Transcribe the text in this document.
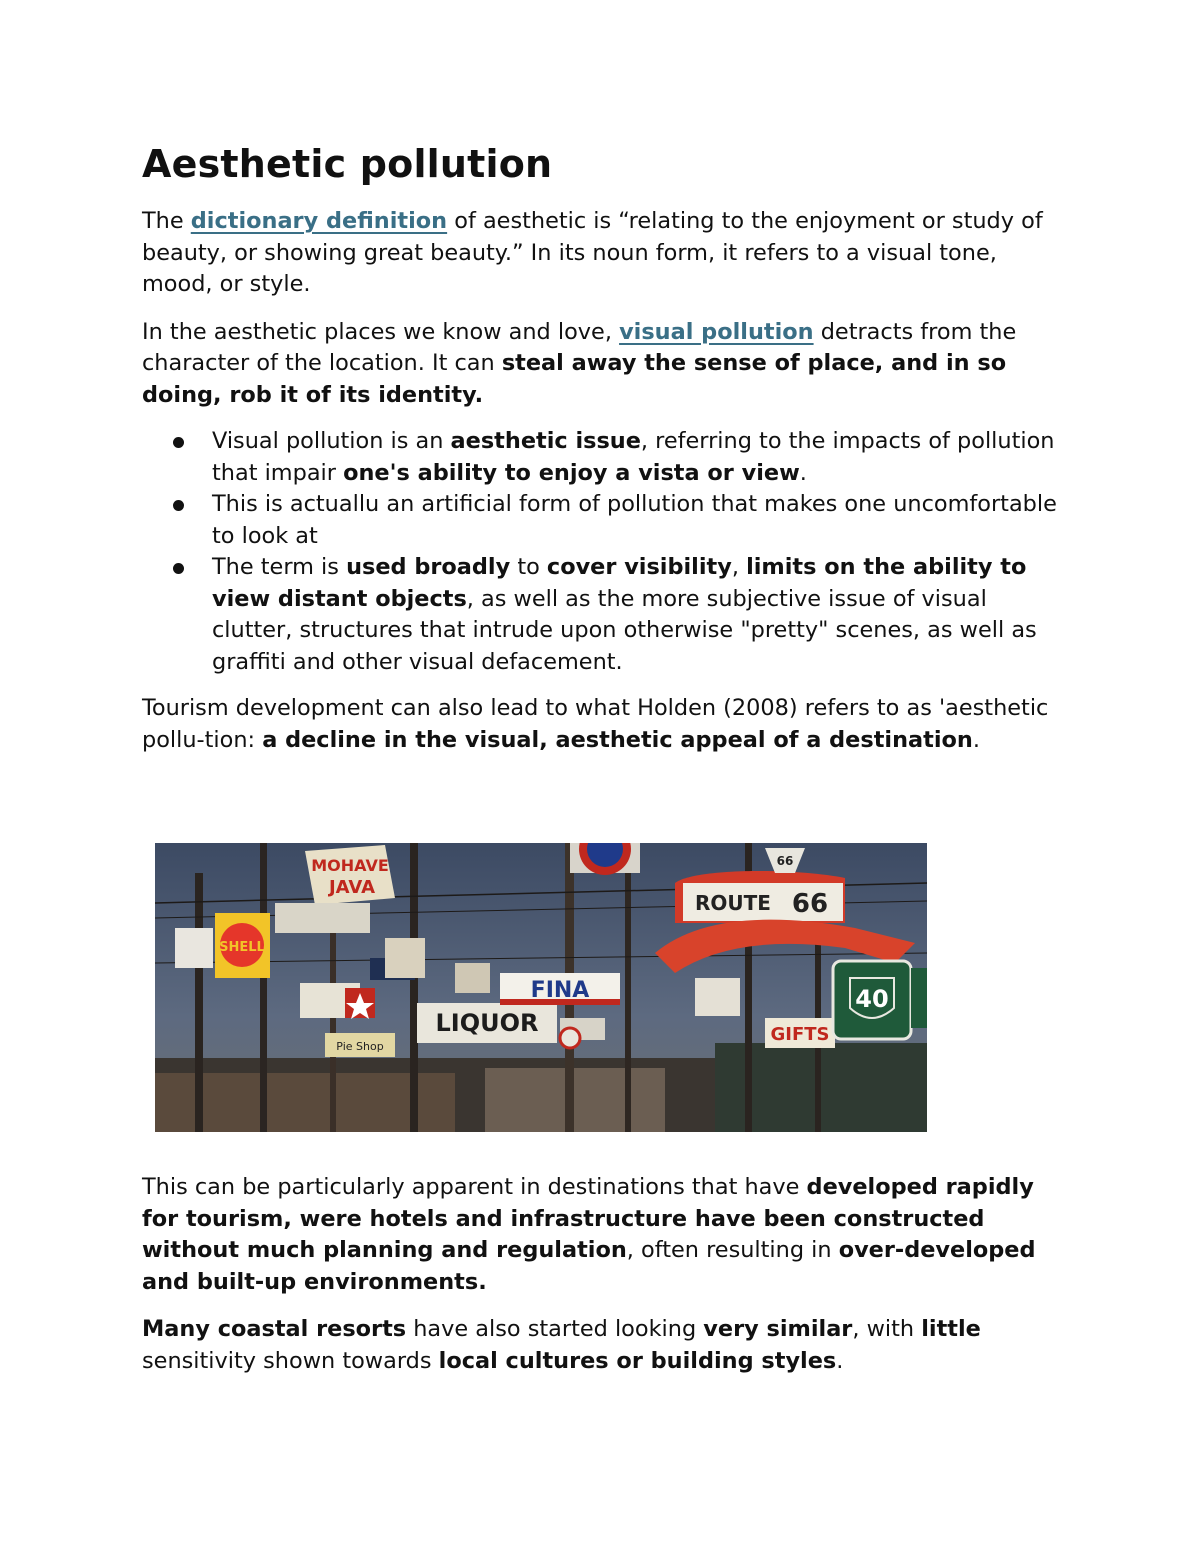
Aesthetic pollution

The dictionary definition of aesthetic is “relating to the enjoyment or study of beauty, or showing great beauty.” In its noun form, it refers to a visual tone, mood, or style.

In the aesthetic places we know and love, visual pollution detracts from the character of the location. It can steal away the sense of place, and in so doing, rob it of its identity.

Visual pollution is an aesthetic issue, referring to the impacts of pollution that impair one's ability to enjoy a vista or view.
This is actuallu an artificial form of pollution that makes one uncomfortable to look at
The term is used broadly to cover visibility, limits on the ability to view distant objects, as well as the more subjective issue of visual clutter, structures that intrude upon otherwise "pretty" scenes, as well as graffiti and other visual defacement.

Tourism development can also lead to what Holden (2008) refers to as 'aesthetic pollu-tion: a decline in the visual, aesthetic appeal of a destination.

MOHAVE
JAVA
SHELL
Pie Shop
LIQUOR
FINA
ROUTE 66
66
GIFTS
40

This can be particularly apparent in destinations that have developed rapidly for tourism, were hotels and infrastructure have been constructed without much planning and regulation, often resulting in over-developed and built-up environments.

Many coastal resorts have also started looking very similar, with little sensitivity shown towards local cultures or building styles.
